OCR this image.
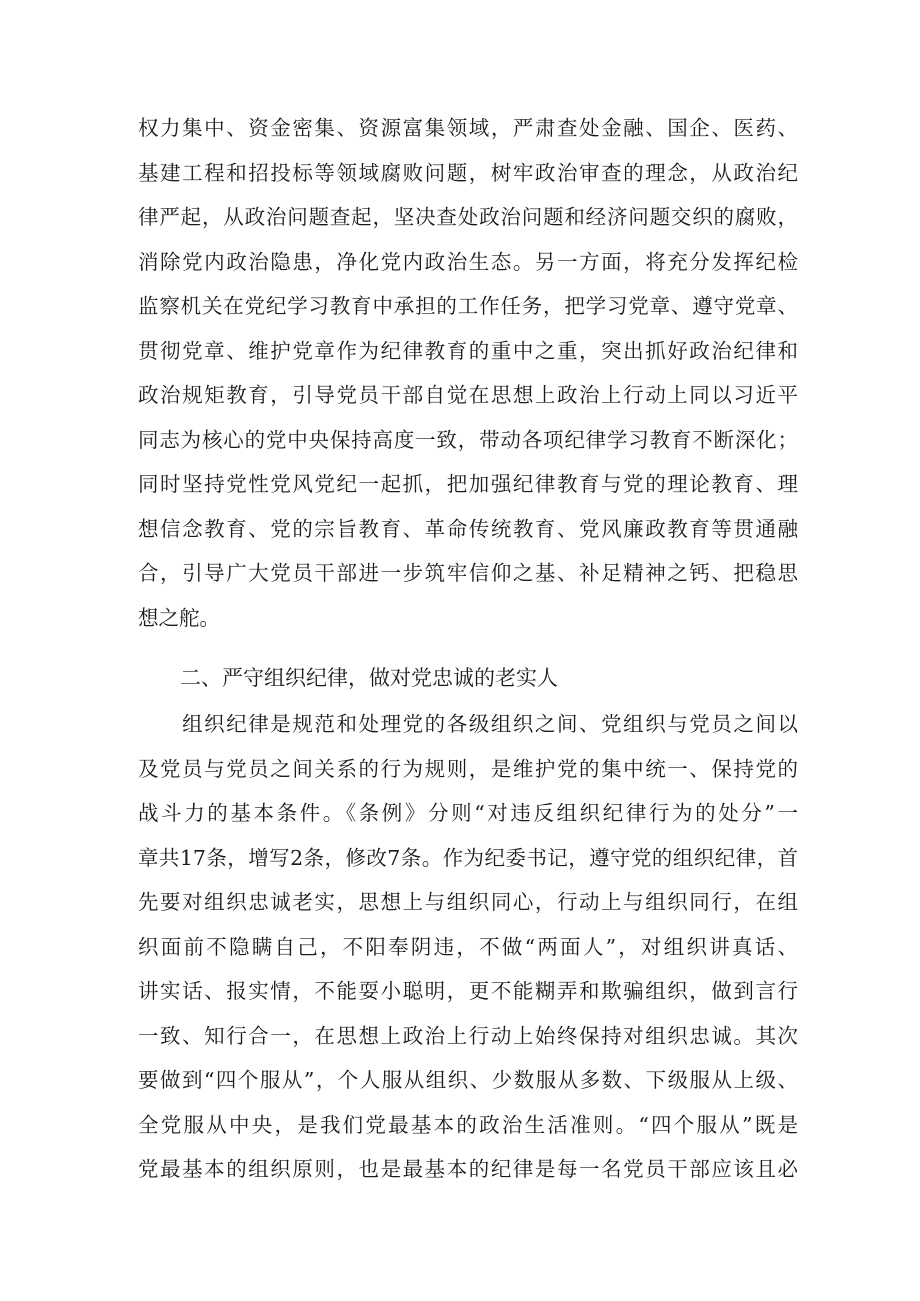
权力集中、资金密集、资源富集领域，严肃查处金融、国企、医药、
基建工程和招投标等领域腐败问题，树牢政治审查的理念，从政治纪
律严起，从政治问题查起，坚决查处政治问题和经济问题交织的腐败，
消除党内政治隐患，净化党内政治生态。另一方面，将充分发挥纪检
监察机关在党纪学习教育中承担的工作任务，把学习党章、遵守党章、
贯彻党章、维护党章作为纪律教育的重中之重，突出抓好政治纪律和
政治规矩教育，引导党员干部自觉在思想上政治上行动上同以习近平
同志为核心的党中央保持高度一致，带动各项纪律学习教育不断深化；
同时坚持党性党风党纪一起抓，把加强纪律教育与党的理论教育、理
想信念教育、党的宗旨教育、革命传统教育、党风廉政教育等贯通融
合，引导广大党员干部进一步筑牢信仰之基、补足精神之钙、把稳思
想之舵。
二、严守组织纪律，做对党忠诚的老实人
　　组织纪律是规范和处理党的各级组织之间、党组织与党员之间以
及党员与党员之间关系的行为规则，是维护党的集中统一、保持党的
战斗力的基本条件。《条例》分则“对违反组织纪律行为的处分”一
章共17条，增写2条，修改7条。作为纪委书记，遵守党的组织纪律，首
先要对组织忠诚老实，思想上与组织同心，行动上与组织同行，在组
织面前不隐瞒自己，不阳奉阴违，不做“两面人”，对组织讲真话、
讲实话、报实情，不能耍小聪明，更不能糊弄和欺骗组织，做到言行
一致、知行合一，在思想上政治上行动上始终保持对组织忠诚。其次
要做到“四个服从”，个人服从组织、少数服从多数、下级服从上级、
全党服从中央，是我们党最基本的政治生活准则。“四个服从”既是
党最基本的组织原则，也是最基本的纪律是每一名党员干部应该且必
